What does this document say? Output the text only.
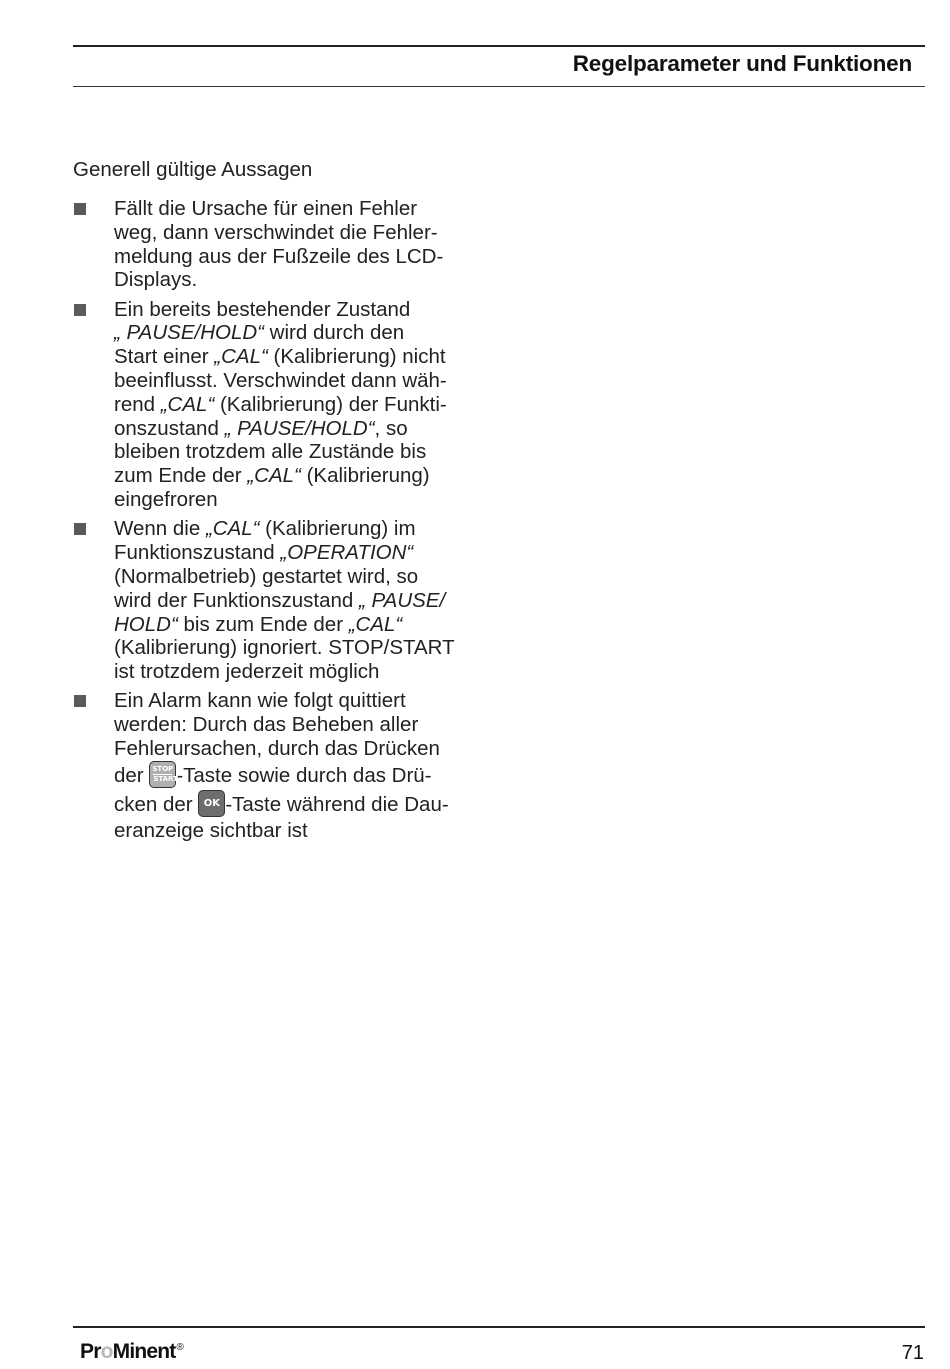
Regelparameter und Funktionen
Generell gültige Aussagen
Fällt die Ursache für einen Fehler
weg, dann verschwindet die Fehler-
meldung aus der Fußzeile des LCD-
Displays.
Ein bereits bestehender Zustand
„ PAUSE/HOLD“ wird durch den
Start einer „CAL“ (Kalibrierung) nicht
beeinflusst. Verschwindet dann wäh-
rend „CAL“ (Kalibrierung) der Funkti-
onszustand „ PAUSE/HOLD“, so
bleiben trotzdem alle Zustände bis
zum Ende der „CAL“ (Kalibrierung)
eingefroren
Wenn die „CAL“ (Kalibrierung) im
Funktionszustand „OPERATION“
(Normalbetrieb) gestartet wird, so
wird der Funktionszustand „ PAUSE/
HOLD“ bis zum Ende der „CAL“
(Kalibrierung) ignoriert. STOP/START
ist trotzdem jederzeit möglich
Ein Alarm kann wie folgt quittiert
werden: Durch das Beheben aller
Fehlerursachen, durch das Drücken
der STOP
START
-Taste sowie durch das Drü-
cken der OK -Taste während die Dau-
eranzeige sichtbar ist
ProMinent®	71
